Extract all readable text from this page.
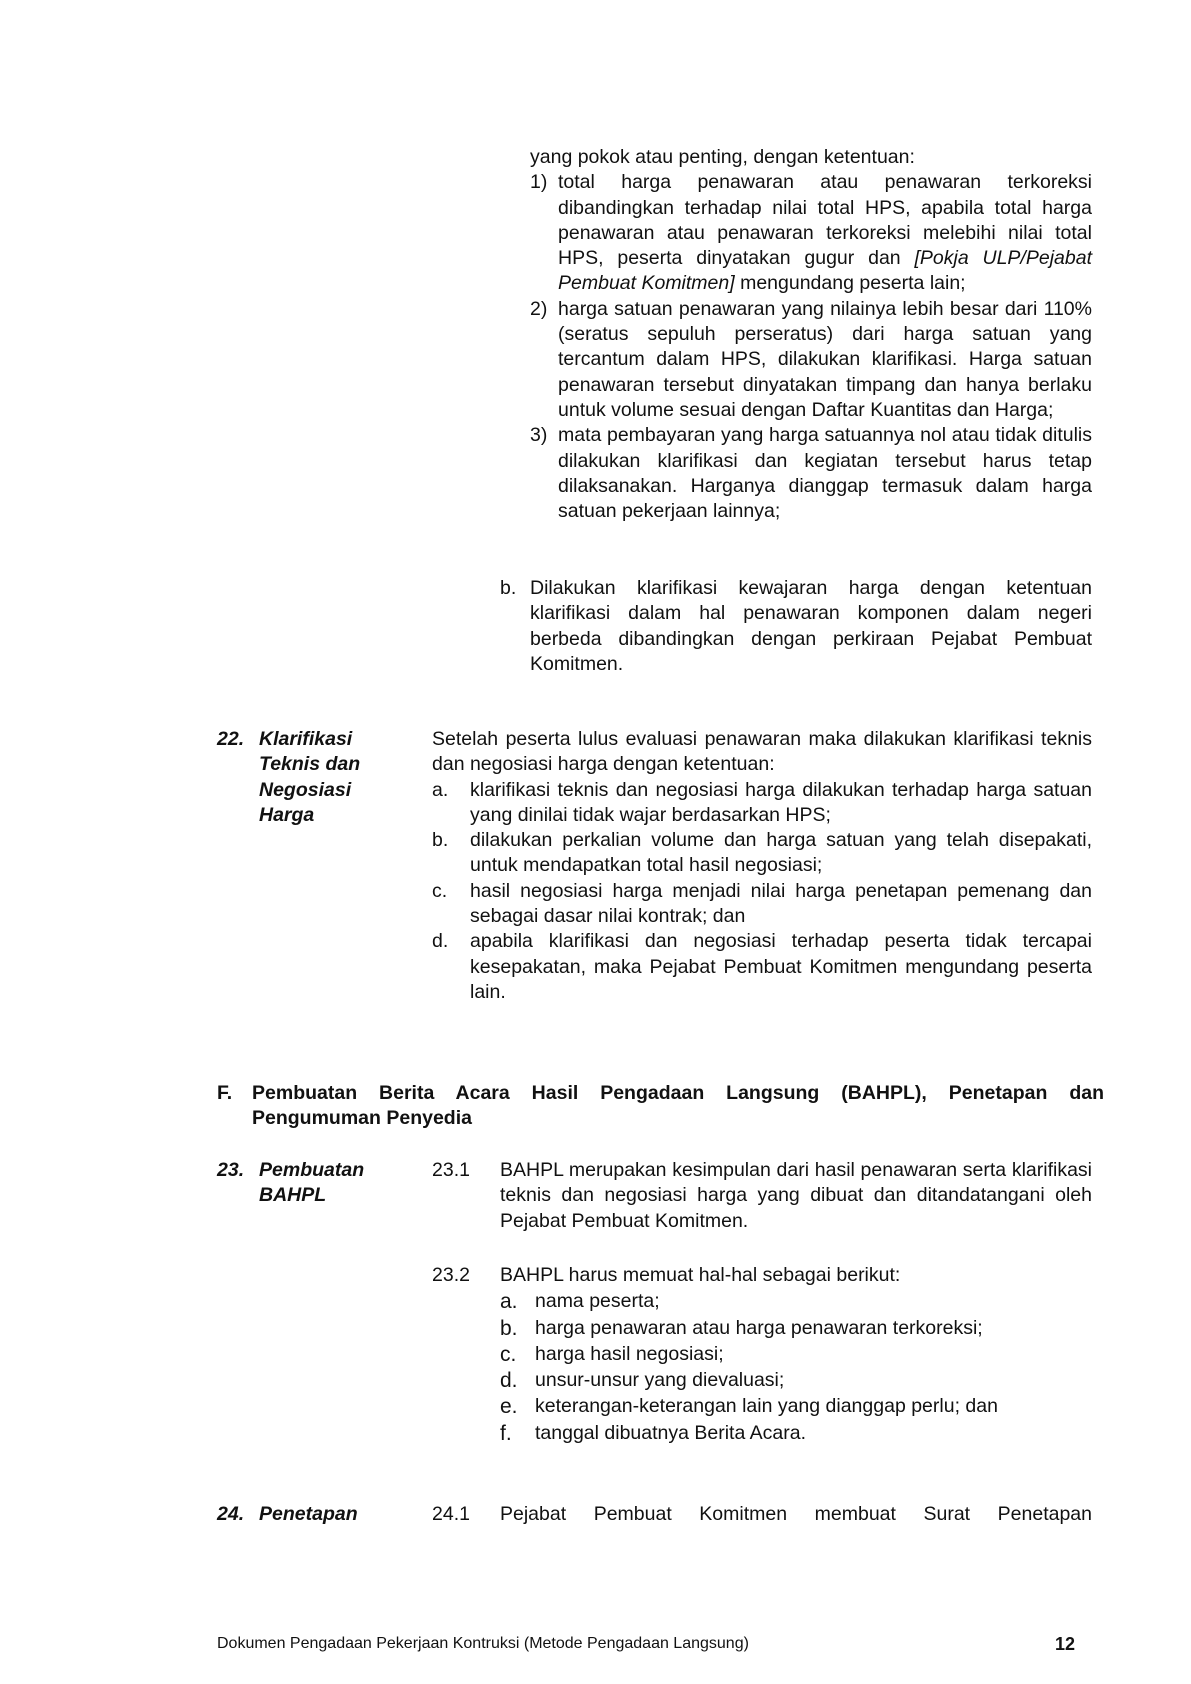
yang pokok atau penting, dengan ketentuan:
1) total harga penawaran atau penawaran terkoreksi dibandingkan terhadap nilai total HPS, apabila total harga penawaran atau penawaran terkoreksi melebihi nilai total HPS, peserta dinyatakan gugur dan [Pokja ULP/Pejabat Pembuat Komitmen] mengundang peserta lain;
2) harga satuan penawaran yang nilainya lebih besar dari 110% (seratus sepuluh perseratus) dari harga satuan yang tercantum dalam HPS, dilakukan klarifikasi. Harga satuan penawaran tersebut dinyatakan timpang dan hanya berlaku untuk volume sesuai dengan Daftar Kuantitas dan Harga;
3) mata pembayaran yang harga satuannya nol atau tidak ditulis dilakukan klarifikasi dan kegiatan tersebut harus tetap dilaksanakan. Harganya dianggap termasuk dalam harga satuan pekerjaan lainnya;
b. Dilakukan klarifikasi kewajaran harga dengan ketentuan klarifikasi dalam hal penawaran komponen dalam negeri berbeda dibandingkan dengan perkiraan Pejabat Pembuat Komitmen.
22. Klarifikasi Teknis dan Negosiasi Harga
Setelah peserta lulus evaluasi penawaran maka dilakukan klarifikasi teknis dan negosiasi harga dengan ketentuan:
a. klarifikasi teknis dan negosiasi harga dilakukan terhadap harga satuan yang dinilai tidak wajar berdasarkan HPS;
b. dilakukan perkalian volume dan harga satuan yang telah disepakati, untuk mendapatkan total hasil negosiasi;
c. hasil negosiasi harga menjadi nilai harga penetapan pemenang dan sebagai dasar nilai kontrak; dan
d. apabila klarifikasi dan negosiasi terhadap peserta tidak tercapai kesepakatan, maka Pejabat Pembuat Komitmen mengundang peserta lain.
F. Pembuatan Berita Acara Hasil Pengadaan Langsung (BAHPL), Penetapan dan Pengumuman Penyedia
23. Pembuatan BAHPL
23.1 BAHPL merupakan kesimpulan dari hasil penawaran serta klarifikasi teknis dan negosiasi harga yang dibuat dan ditandatangani oleh Pejabat Pembuat Komitmen.
23.2 BAHPL harus memuat hal-hal sebagai berikut:
a. nama peserta;
b. harga penawaran atau harga penawaran terkoreksi;
c. harga hasil negosiasi;
d. unsur-unsur yang dievaluasi;
e. keterangan-keterangan lain yang dianggap perlu; dan
f. tanggal dibuatnya Berita Acara.
24. Penetapan	24.1 Pejabat Pembuat Komitmen membuat Surat Penetapan
Dokumen Pengadaan Pekerjaan Kontruksi (Metode Pengadaan Langsung)	12
